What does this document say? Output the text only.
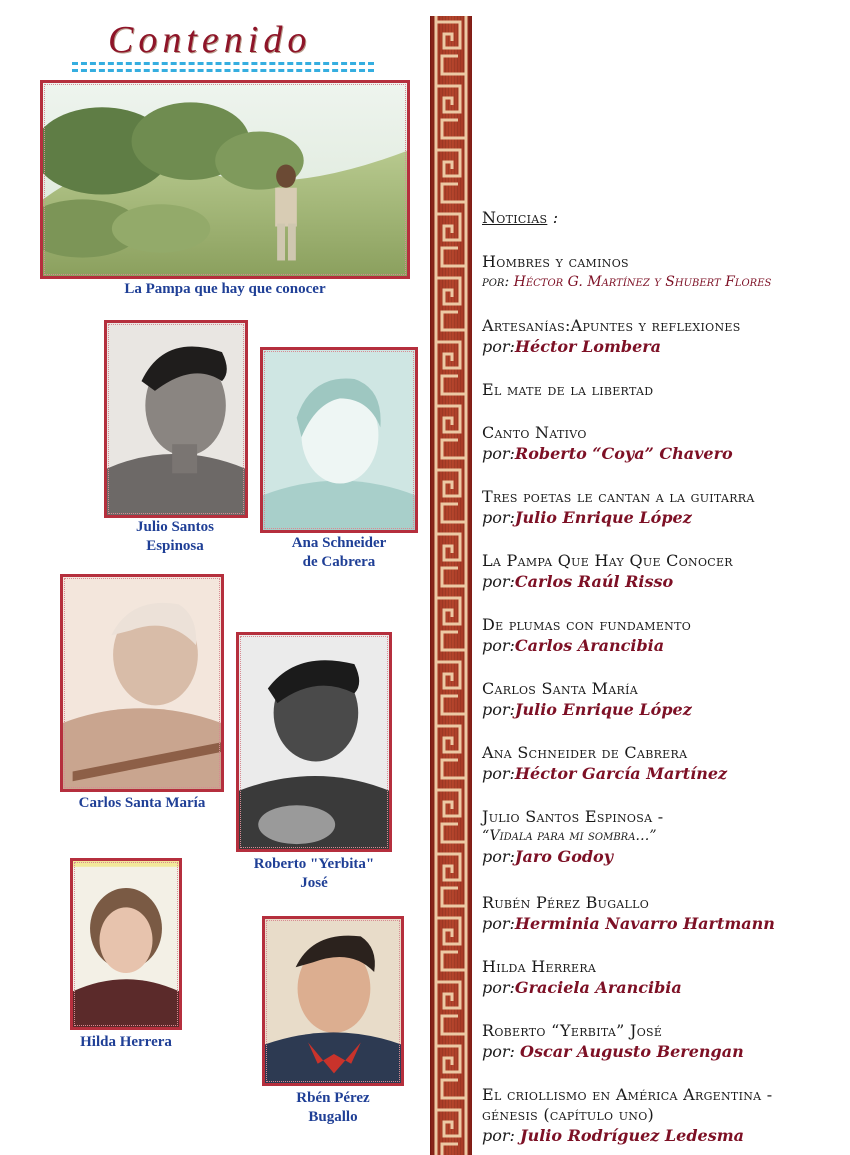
Contenido
La Pampa que hay que conocer
Julio Santos
Espinosa	Ana Schneider
de Cabrera
Carlos Santa María
Roberto "Yerbita"
José
Hilda Herrera
Rbén Pérez
Bugallo
Noticias :
Hombres y caminos
por: Héctor G. Martínez y Shubert Flores
Artesanías:Apuntes y reflexiones
por:Héctor Lombera
El mate de la libertad
Canto Nativo
por:Roberto “Coya” Chavero
Tres poetas le cantan a la guitarra
por:Julio Enrique López
La Pampa Que Hay Que Conocer
por:Carlos Raúl Risso
De plumas con fundamento
por:Carlos Arancibia
Carlos Santa María
por:Julio Enrique López
Ana Schneider de Cabrera
por:Héctor García Martínez
Julio Santos Espinosa -
“Vidala para mi sombra…”
por:Jaro Godoy
Rubén Pérez Bugallo
por:Herminia Navarro Hartmann
Hilda Herrera
por:Graciela Arancibia
Roberto “Yerbita” José
por: Oscar Augusto Berengan
El criollismo en América Argentina -
génesis (capítulo uno)
por: Julio Rodríguez Ledesma
